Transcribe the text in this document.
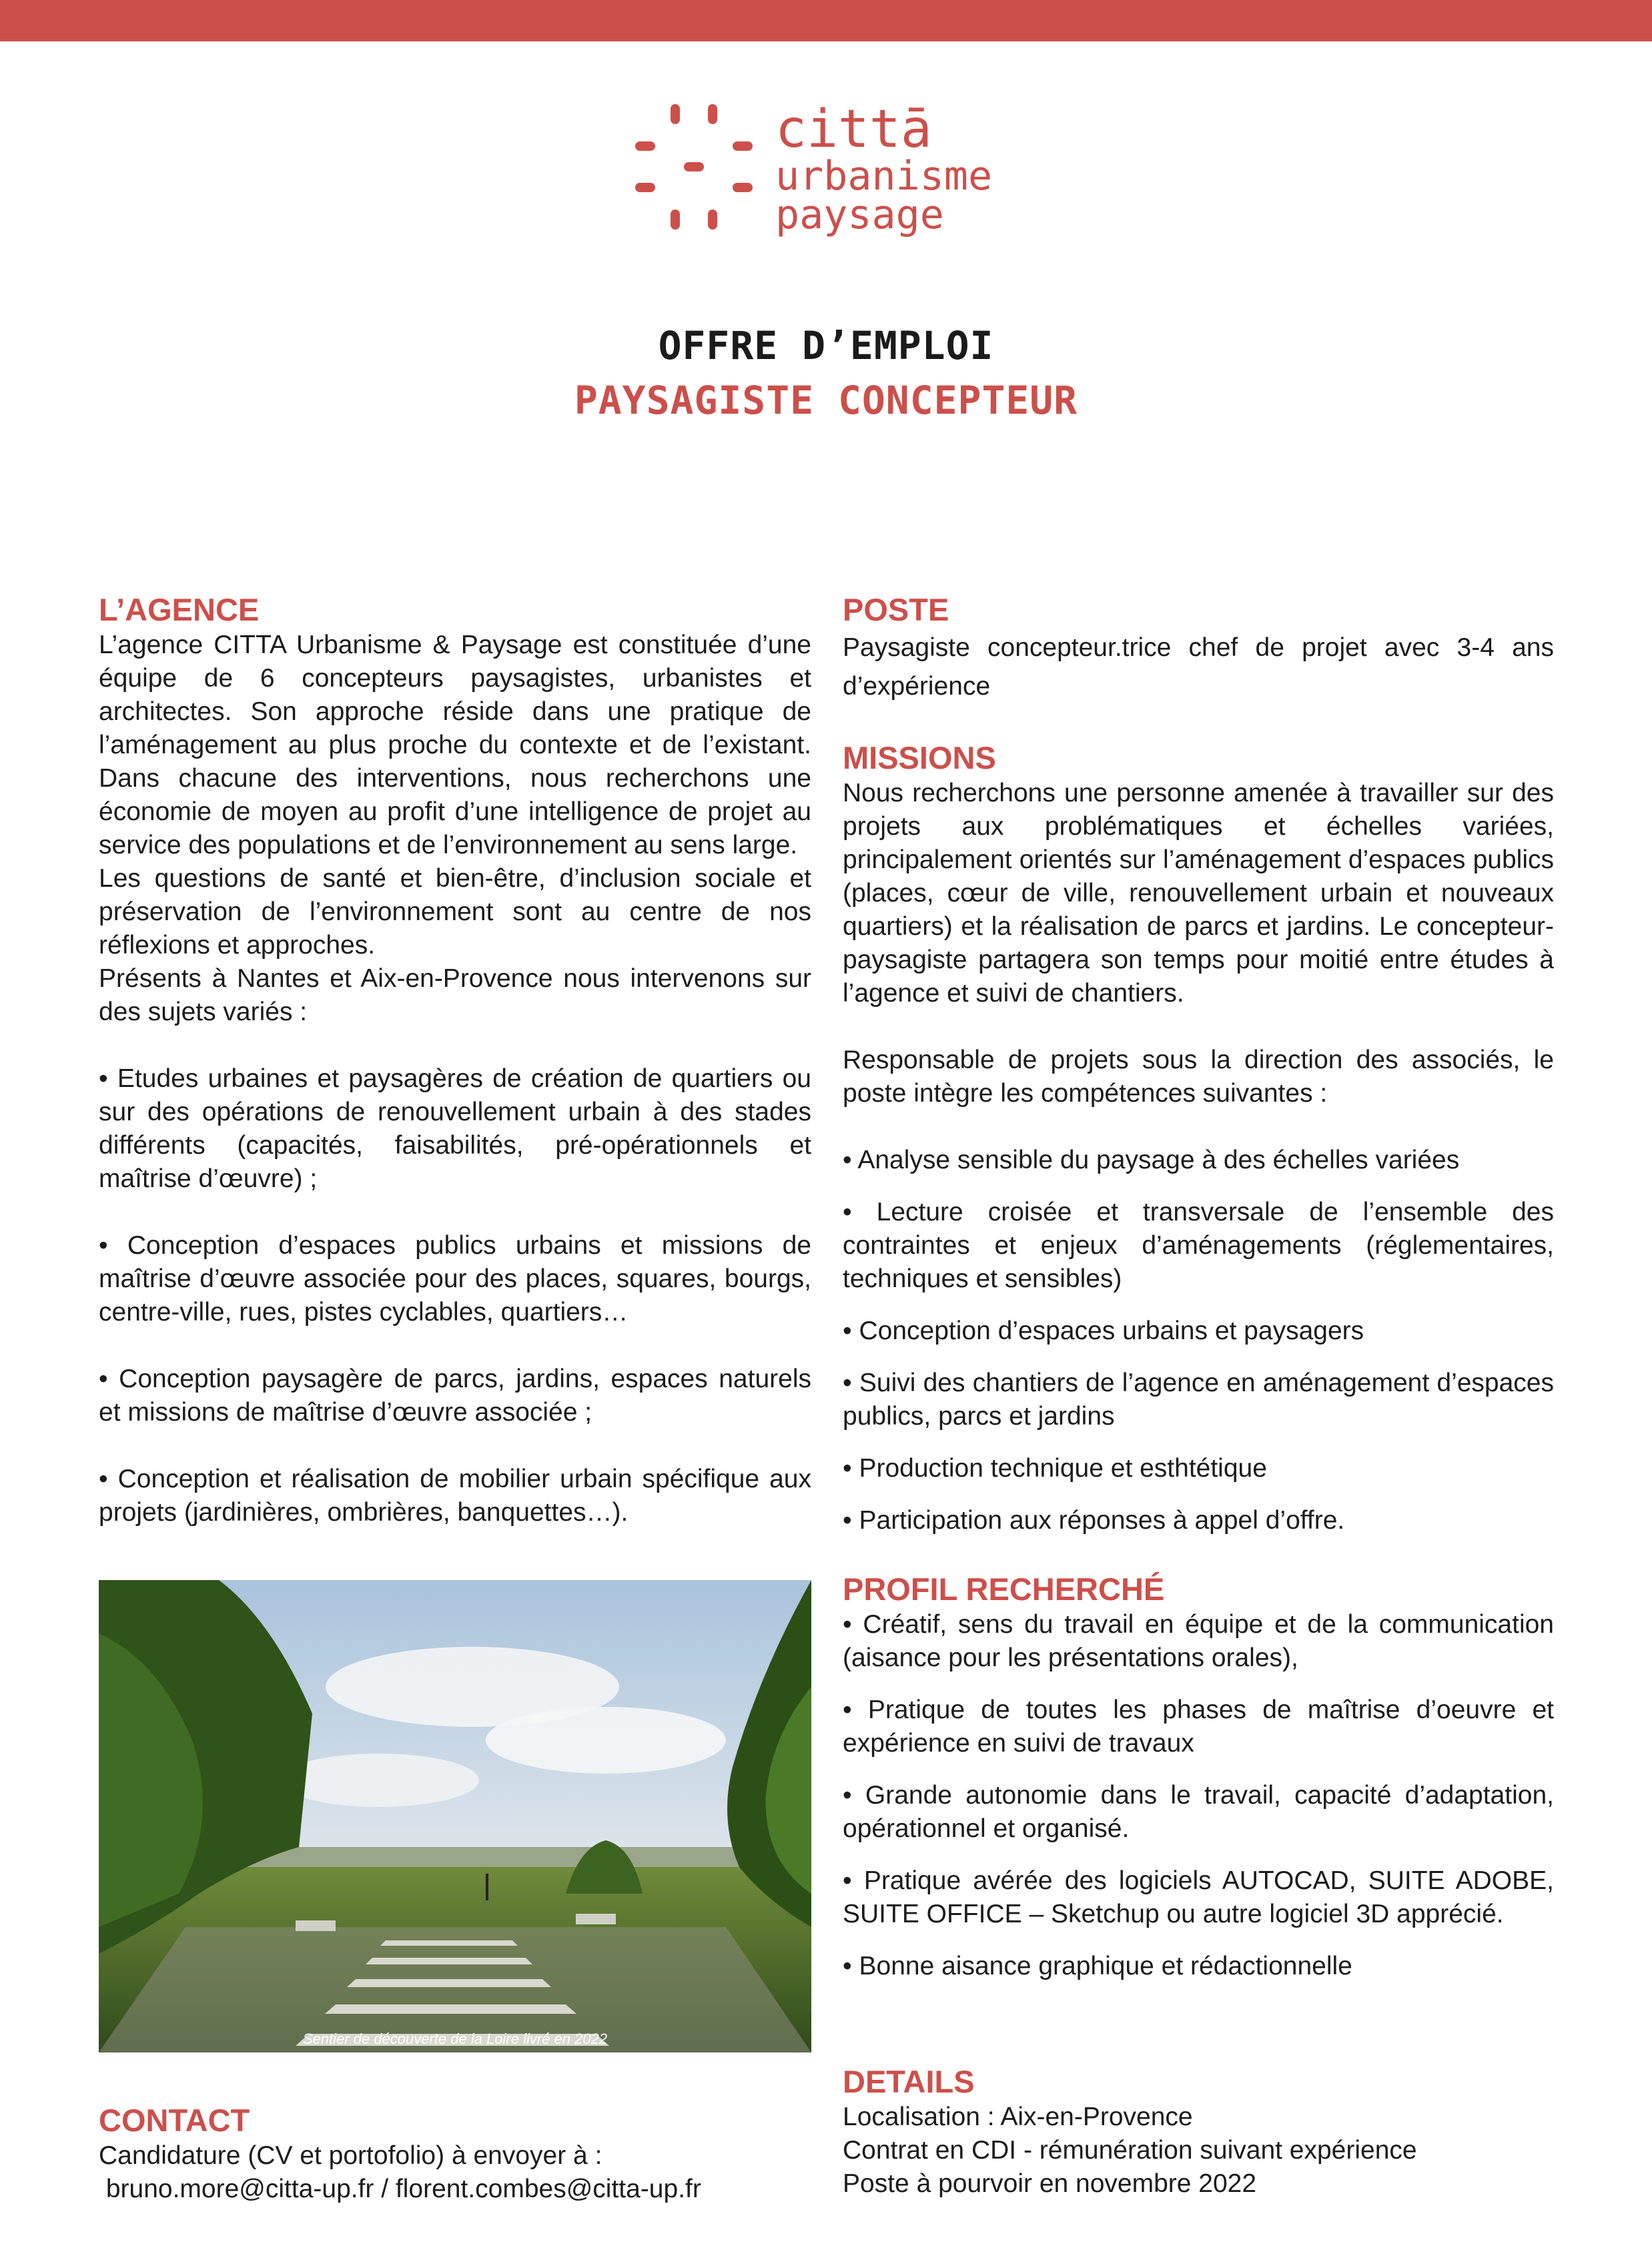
cittā
urbanisme
paysage
OFFRE D’EMPLOI
PAYSAGISTE CONCEPTEUR
L’AGENCE

L’agence CITTA Urbanisme & Paysage est constituée d’une équipe de 6 concepteurs paysagistes, urbanistes et architectes. Son approche réside dans une pratique de l’aménagement au plus proche du contexte et de l’existant. Dans chacune des interventions, nous recherchons une économie de moyen au profit d’une intelligence de projet au service des populations et de l’environnement au sens large.

Les questions de santé et bien-être, d’inclusion sociale et préservation de l’environnement sont au centre de nos réflexions et approches.

Présents à Nantes et Aix-en-Provence nous intervenons sur des sujets variés :

• Etudes urbaines et paysagères de création de quartiers ou sur des opérations de renouvellement urbain à des stades différents (capacités, faisabilités, pré-opérationnels et maîtrise d’œuvre) ;

• Conception d’espaces publics urbains et missions de maîtrise d’œuvre associée pour des places, squares, bourgs, centre-ville, rues, pistes cyclables, quartiers…

• Conception paysagère de parcs, jardins, espaces naturels et missions de maîtrise d’œuvre associée ;

• Conception et réalisation de mobilier urbain spécifique aux projets (jardinières, ombrières, banquettes…).

Sentier de découverte de la Loire livré en 2022
CONTACT

Candidature (CV et portofolio) à envoyer à :

bruno.more@citta-up.fr / florent.combes@citta-up.fr

POSTE

Paysagiste concepteur.trice chef de projet avec 3-4 ans d’expérience

MISSIONS

Nous recherchons une personne amenée à travailler sur des projets aux problématiques et échelles variées, principalement orientés sur l’aménagement d’espaces publics (places, cœur de ville, renouvellement urbain et nouveaux quartiers) et la réalisation de parcs et jardins. Le concepteur-paysagiste partagera son temps pour moitié entre études à l’agence et suivi de chantiers.

Responsable de projets sous la direction des associés, le poste intègre les compétences suivantes :

• Analyse sensible du paysage à des échelles variées

• Lecture croisée et transversale de l’ensemble des contraintes et enjeux d’aménagements (réglementaires, techniques et sensibles)

• Conception d’espaces urbains et paysagers

• Suivi des chantiers de l’agence en aménagement d’espaces publics, parcs et jardins

• Production technique et esthtétique

• Participation aux réponses à appel d’offre.

PROFIL RECHERCHÉ

• Créatif, sens du travail en équipe et de la communication (aisance pour les présentations orales),

• Pratique de toutes les phases de maîtrise d’oeuvre et expérience en suivi de travaux

• Grande autonomie dans le travail, capacité d’adaptation, opérationnel et organisé.

• Pratique avérée des logiciels AUTOCAD, SUITE ADOBE, SUITE OFFICE – Sketchup ou autre logiciel 3D apprécié.

• Bonne aisance graphique et rédactionnelle

DETAILS

Localisation : Aix-en-Provence

Contrat en CDI - rémunération suivant expérience

Poste à pourvoir en novembre 2022
